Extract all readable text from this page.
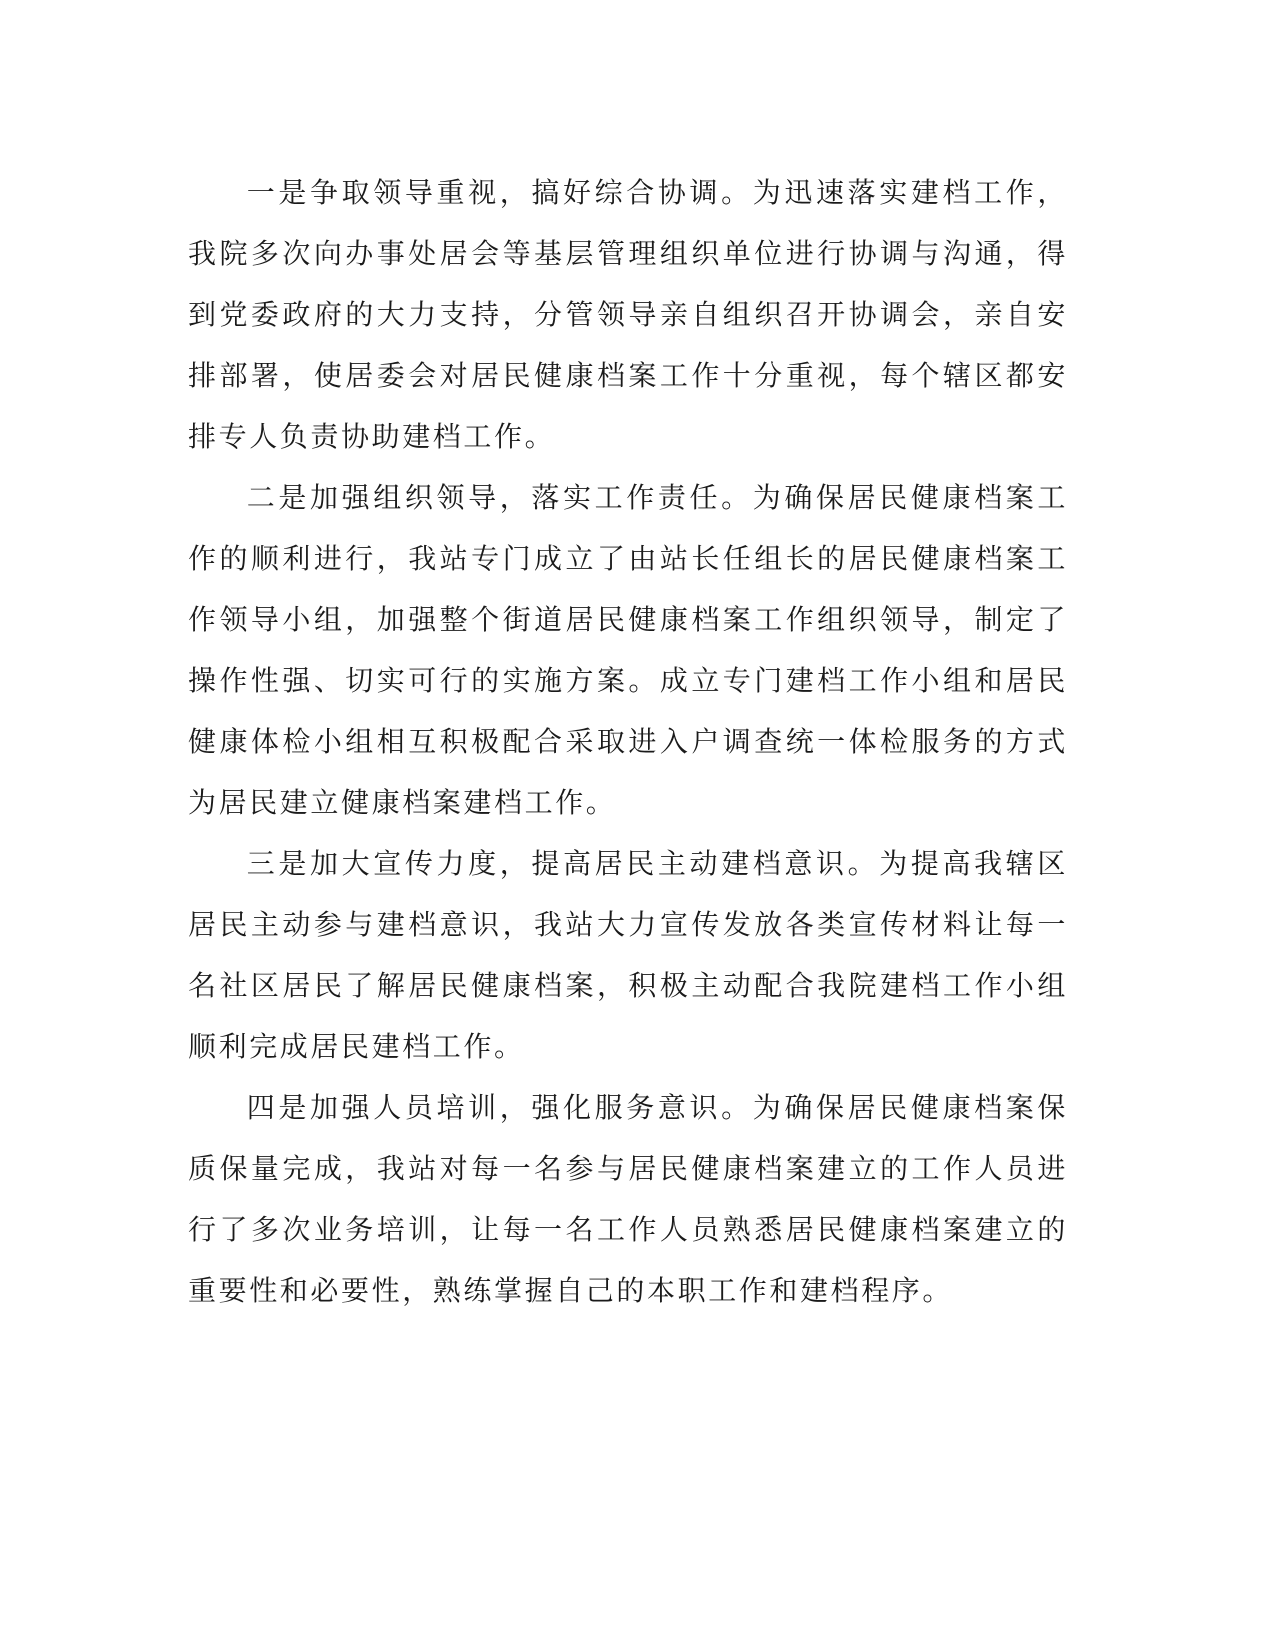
一是争取领导重视，搞好综合协调。为迅速落实建档工作，我院多次向办事处居会等基层管理组织单位进行协调与沟通，得到党委政府的大力支持，分管领导亲自组织召开协调会，亲自安排部署，使居委会对居民健康档案工作十分重视，每个辖区都安排专人负责协助建档工作。

二是加强组织领导，落实工作责任。为确保居民健康档案工作的顺利进行，我站专门成立了由站长任组长的居民健康档案工作领导小组，加强整个街道居民健康档案工作组织领导，制定了操作性强、切实可行的实施方案。成立专门建档工作小组和居民健康体检小组相互积极配合采取进入户调查统一体检服务的方式为居民建立健康档案建档工作。

三是加大宣传力度，提高居民主动建档意识。为提高我辖区居民主动参与建档意识，我站大力宣传发放各类宣传材料让每一名社区居民了解居民健康档案，积极主动配合我院建档工作小组顺利完成居民建档工作。

四是加强人员培训，强化服务意识。为确保居民健康档案保质保量完成，我站对每一名参与居民健康档案建立的工作人员进行了多次业务培训，让每一名工作人员熟悉居民健康档案建立的重要性和必要性，熟练掌握自己的本职工作和建档程序。
